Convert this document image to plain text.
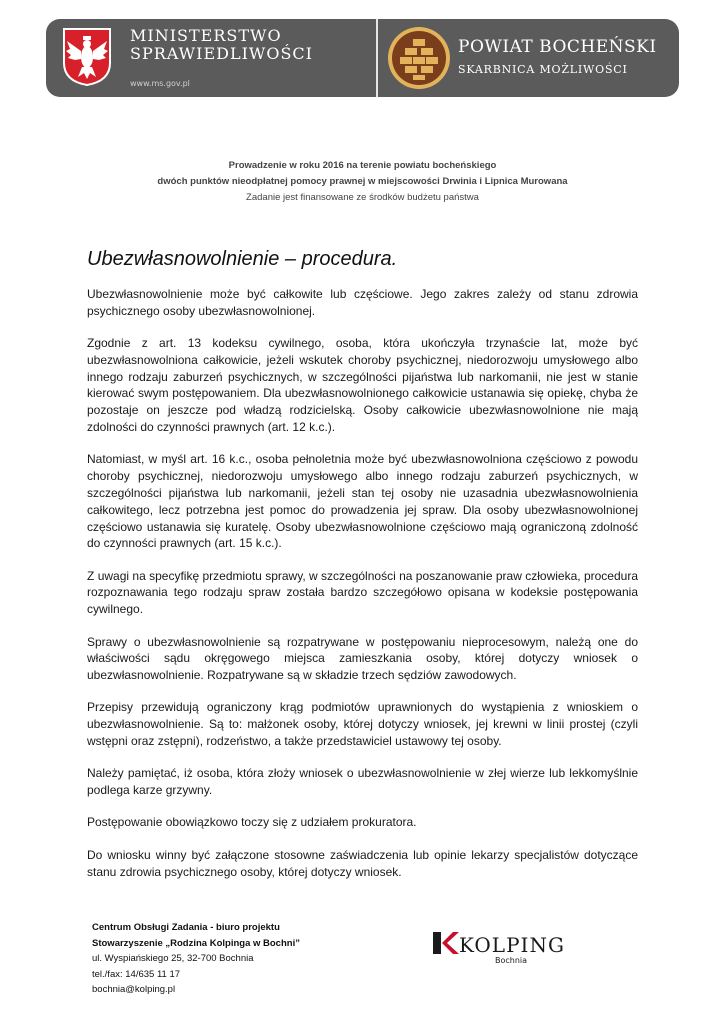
MINISTERSTWO
SPRAWIEDLIWOŚCI
www.ms.gov.pl
POWIAT BOCHEŃSKI
SKARBNICA MOŻLIWOŚCI
Prowadzenie w roku 2016 na terenie powiatu bocheńskiego
dwóch punktów nieodpłatnej pomocy prawnej w miejscowości Drwinia i Lipnica Murowana
Zadanie jest finansowane ze środków budżetu państwa
Ubezwłasnowolnienie – procedura.

Ubezwłasnowolnienie może być całkowite lub częściowe. Jego zakres zależy od stanu zdrowia psychicznego osoby ubezwłasnowolnionej.

Zgodnie z art. 13 kodeksu cywilnego, osoba, która ukończyła trzynaście lat, może być ubezwłasnowolniona całkowicie, jeżeli wskutek choroby psychicznej, niedorozwoju umysłowego albo innego rodzaju zaburzeń psychicznych, w szczególności pijaństwa lub narkomanii, nie jest w stanie kierować swym postępowaniem. Dla ubezwłasnowolnionego całkowicie ustanawia się opiekę, chyba że pozostaje on jeszcze pod władzą rodzicielską. Osoby całkowicie ubezwłasnowolnione nie mają zdolności do czynności prawnych (art. 12 k.c.).

Natomiast, w myśl art. 16 k.c., osoba pełnoletnia może być ubezwłasnowolniona częściowo z powodu choroby psychicznej, niedorozwoju umysłowego albo innego rodzaju zaburzeń psychicznych, w szczególności pijaństwa lub narkomanii, jeżeli stan tej osoby nie uzasadnia ubezwłasnowolnienia całkowitego, lecz potrzebna jest pomoc do prowadzenia jej spraw. Dla osoby ubezwłasnowolnionej częściowo ustanawia się kuratelę. Osoby ubezwłasnowolnione częściowo mają ograniczoną zdolność do czynności prawnych (art. 15 k.c.).

Z uwagi na specyfikę przedmiotu sprawy, w szczególności na poszanowanie praw człowieka, procedura rozpoznawania tego rodzaju spraw została bardzo szczegółowo opisana w kodeksie postępowania cywilnego.

Sprawy o ubezwłasnowolnienie są rozpatrywane w postępowaniu nieprocesowym, należą one do właściwości sądu okręgowego miejsca zamieszkania osoby, której dotyczy wniosek o ubezwłasnowolnienie. Rozpatrywane są w składzie trzech sędziów zawodowych.

Przepisy przewidują ograniczony krąg podmiotów uprawnionych do wystąpienia z wnioskiem o ubezwłasnowolnienie. Są to: małżonek osoby, której dotyczy wniosek, jej krewni w linii prostej (czyli wstępni oraz zstępni), rodzeństwo, a także przedstawiciel ustawowy tej osoby.

Należy pamiętać, iż osoba, która złoży wniosek o ubezwłasnowolnienie w złej wierze lub lekkomyślnie podlega karze grzywny.

Postępowanie obowiązkowo toczy się z udziałem prokuratora.

Do wniosku winny być załączone stosowne zaświadczenia lub opinie lekarzy specjalistów dotyczące stanu zdrowia psychicznego osoby, której dotyczy wniosek.

Centrum Obsługi Zadania - biuro projektu
Stowarzyszenie „Rodzina Kolpinga w Bochni”
ul. Wyspiańskiego 25, 32-700 Bochnia
tel./fax: 14/635 11 17
bochnia@kolping.pl
KOLPING
Bochnia
